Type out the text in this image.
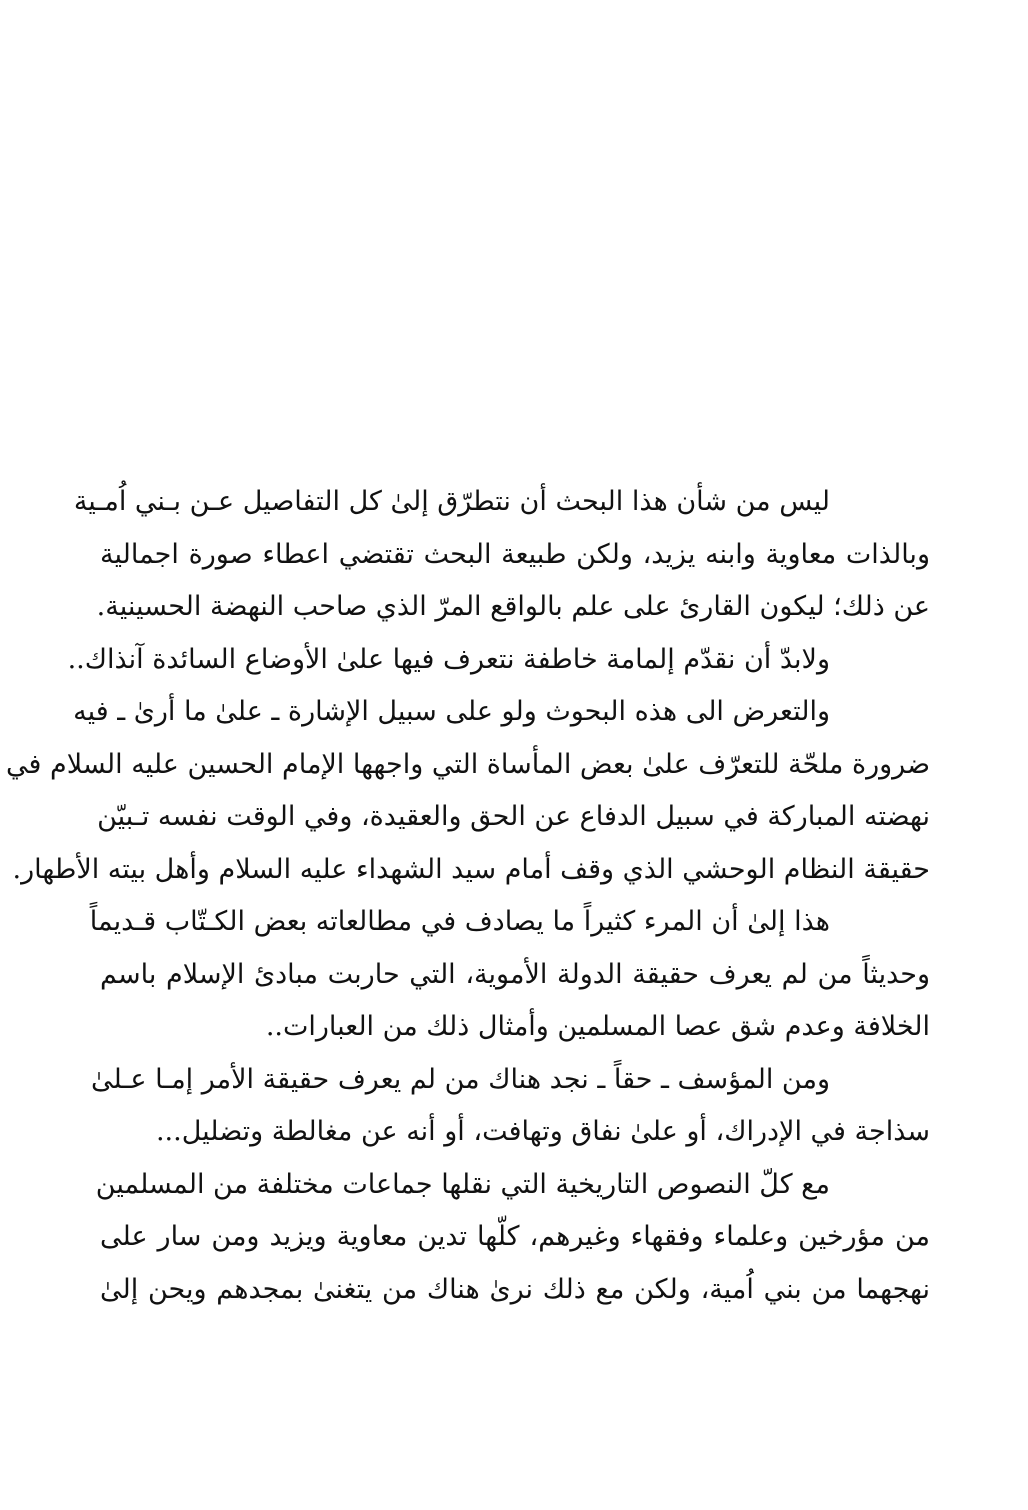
ليس من شأن هذا البحث أن نتطرّق إلىٰ كل التفاصيل عـن بـني اُمـية
وبالذات معاوية وابنه يزيد، ولكن طبيعة البحث تقتضي اعطاء صورة اجمالية
عن ذلك؛ ليكون القارئ على علم بالواقع المرّ الذي صاحب النهضة الحسينية.
ولابدّ أن نقدّم إلمامة خاطفة نتعرف فيها علىٰ الأوضاع السائدة آنذاك..
والتعرض الى هذه البحوث ولو على سبيل الإشارة ـ علىٰ ما أرىٰ ـ فيه
ضرورة ملحّة للتعرّف علىٰ بعض المأساة التي واجهها الإمام الحسين عليه السلام في
نهضته المباركة في سبيل الدفاع عن الحق والعقيدة، وفي الوقت نفسه تـبيّن
حقيقة النظام الوحشي الذي وقف أمام سيد الشهداء عليه السلام وأهل بيته الأطهار.
هذا إلىٰ أن المرء كثيراً ما يصادف في مطالعاته بعض الكـتّاب قـديماً
وحديثاً من لم يعرف حقيقة الدولة الأموية، التي حاربت مبادئ الإسلام باسم
الخلافة وعدم شق عصا المسلمين وأمثال ذلك من العبارات..
ومن المؤسف ـ حقاً ـ نجد هناك من لم يعرف حقيقة الأمر إمـا عـلىٰ
سذاجة في الإدراك، أو علىٰ نفاق وتهافت، أو أنه عن مغالطة وتضليل...
مع كلّ النصوص التاريخية التي نقلها جماعات مختلفة من المسلمين
من مؤرخين وعلماء وفقهاء وغيرهم، كلّها تدين معاوية ويزيد ومن سار على
نهجهما من بني اُمية، ولكن مع ذلك نرىٰ هناك من يتغنىٰ بمجدهم ويحن إلىٰ
